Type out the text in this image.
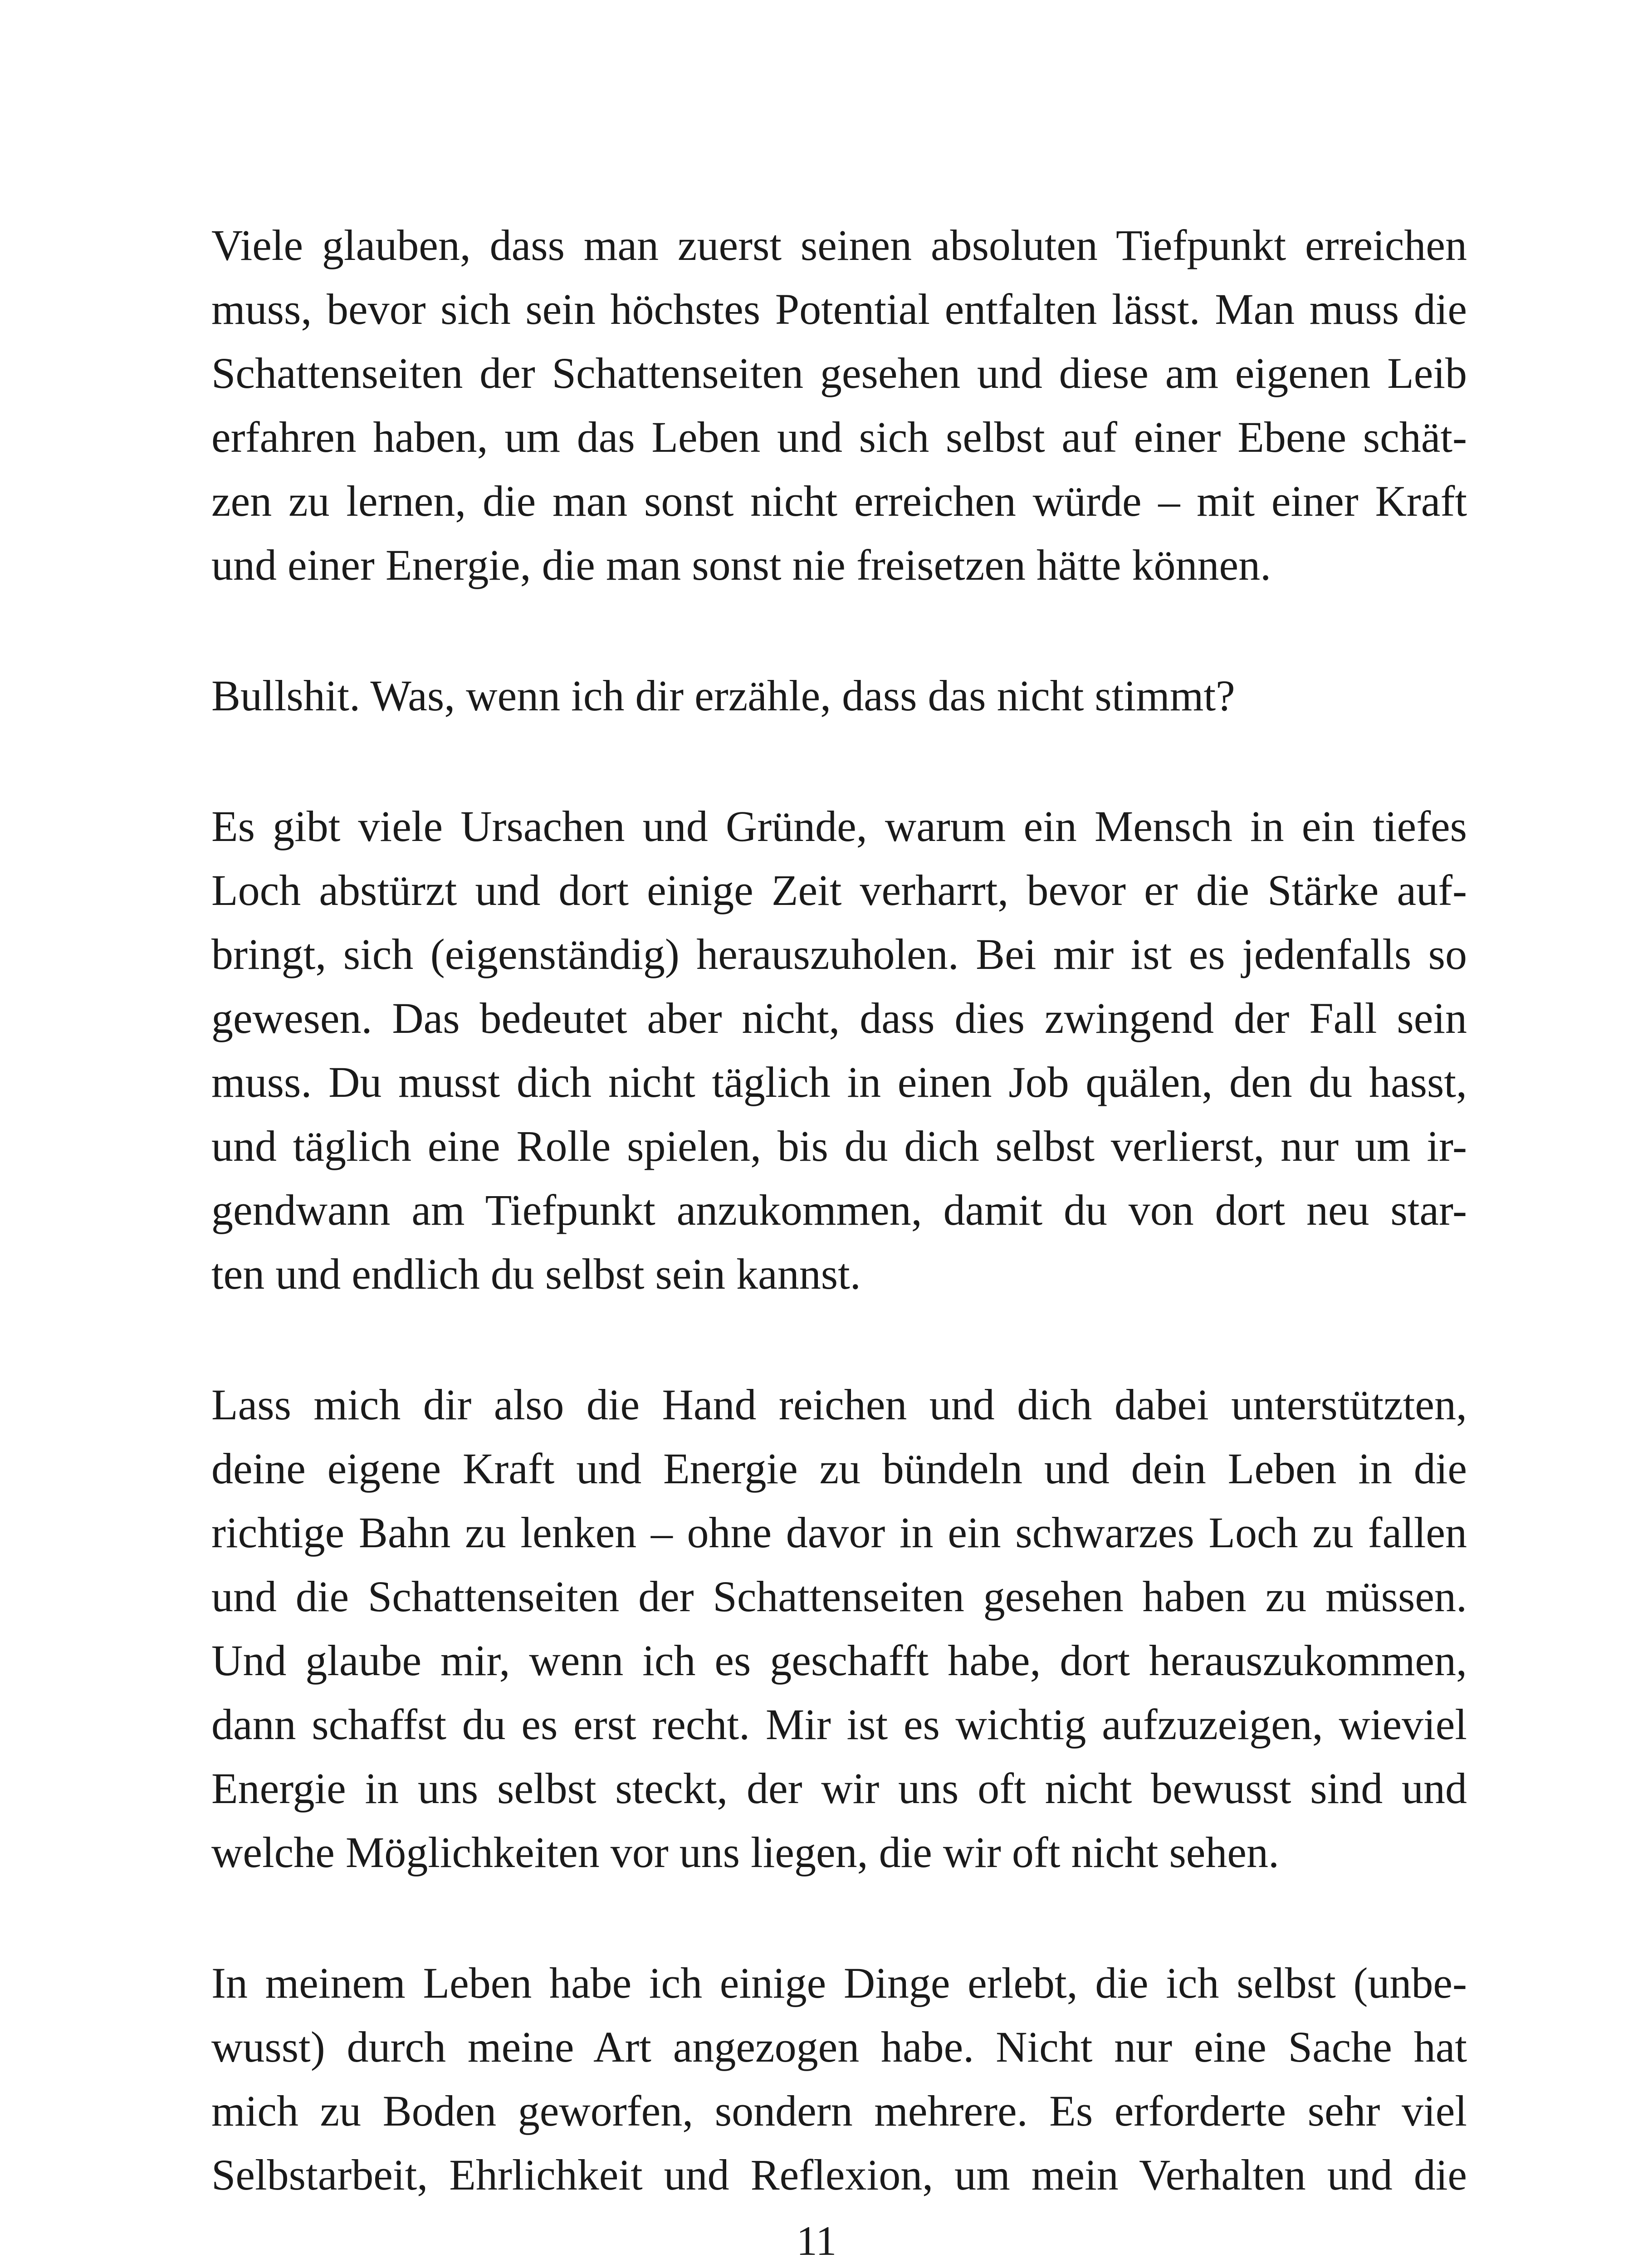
Viele glauben, dass man zuerst seinen absoluten Tiefpunkt erreichen
muss, bevor sich sein höchstes Potential entfalten lässt. Man muss die
Schattenseiten der Schattenseiten gesehen und diese am eigenen Leib
erfahren haben, um das Leben und sich selbst auf einer Ebene schät-
zen zu lernen, die man sonst nicht erreichen würde – mit einer Kraft
und einer Energie, die man sonst nie freisetzen hätte können.

Bullshit. Was, wenn ich dir erzähle, dass das nicht stimmt?

Es gibt viele Ursachen und Gründe, warum ein Mensch in ein tiefes
Loch abstürzt und dort einige Zeit verharrt, bevor er die Stärke auf-
bringt, sich (eigenständig) herauszuholen. Bei mir ist es jedenfalls so
gewesen. Das bedeutet aber nicht, dass dies zwingend der Fall sein
muss. Du musst dich nicht täglich in einen Job quälen, den du hasst,
und täglich eine Rolle spielen, bis du dich selbst verlierst, nur um ir-
gendwann am Tiefpunkt anzukommen, damit du von dort neu star-
ten und endlich du selbst sein kannst.

Lass mich dir also die Hand reichen und dich dabei unterstützten,
deine eigene Kraft und Energie zu bündeln und dein Leben in die
richtige Bahn zu lenken – ohne davor in ein schwarzes Loch zu fallen
und die Schattenseiten der Schattenseiten gesehen haben zu müssen.
Und glaube mir, wenn ich es geschafft habe, dort herauszukommen,
dann schaffst du es erst recht. Mir ist es wichtig aufzuzeigen, wieviel
Energie in uns selbst steckt, der wir uns oft nicht bewusst sind und
welche Möglichkeiten vor uns liegen, die wir oft nicht sehen.

In meinem Leben habe ich einige Dinge erlebt, die ich selbst (unbe-
wusst) durch meine Art angezogen habe. Nicht nur eine Sache hat
mich zu Boden geworfen, sondern mehrere. Es erforderte sehr viel
Selbstarbeit, Ehrlichkeit und Reflexion, um mein Verhalten und die

11
